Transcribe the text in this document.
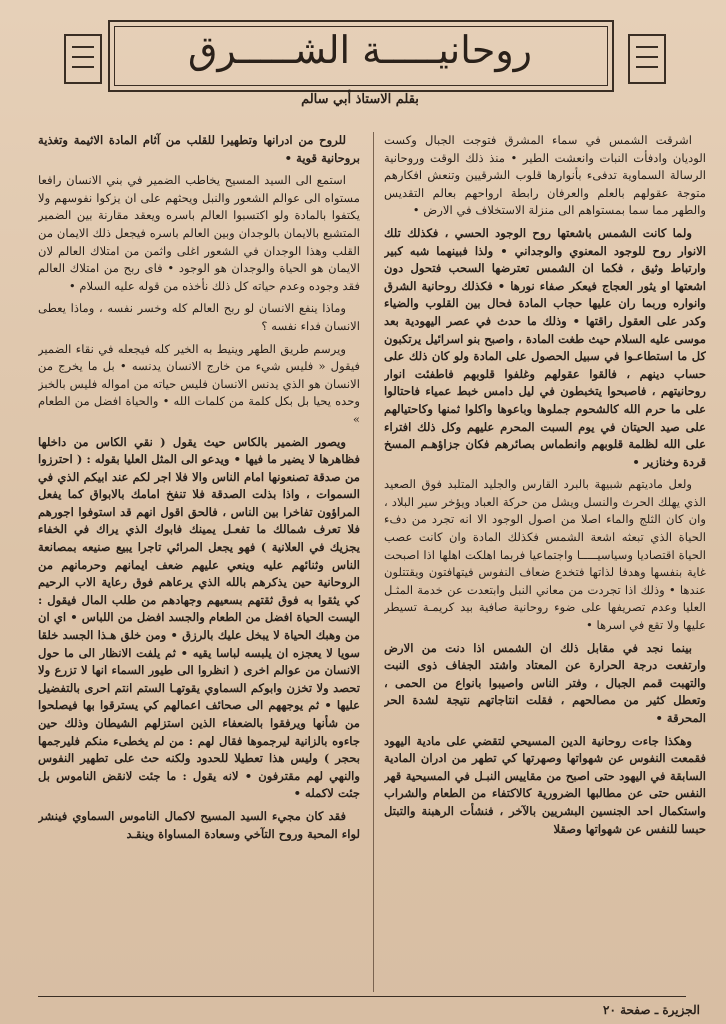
روحانيـــــة الشـــــرق
بقلم الاستاذ أبي سالم

اشرقت الشمس في سماء المشرق فتوجت الجبال وكست الوديان وادفأت النبات وانعشت الطير • منذ ذلك الوقت وروحانية الرسالة السماوية تدفىء بأنوارها قلوب الشرقيين وتنعش افكارهم متوجة عقولهم بالعلم والعرفان رابطة ارواحهم بعالم التقديس والطهر مما سما بمستواهم الى منزلة الاستخلاف في الارض •

ولما كانت الشمس باشعتها روح الوجود الحسي ، فكذلك تلك الانوار روح للوجود المعنوي والوجداني • ولذا فبينهما شبه كبير وارتباط وثيق ، فكما ان الشمس تعترضها السحب فتحول دون اشعتها او يثور العجاج فيعكر صفاء نورها • فكذلك روحانية الشرق وانواره وربما ران عليها حجاب المادة فحال بين القلوب والضياء وكدر على العقول راقتها • وذلك ما حدث في عصر اليهودية بعد موسى عليه السلام حيث طغت المادة ، واصبح بنو اسرائيل يرتكبون كل ما استطاعـوا في سبيل الحصول على المادة ولو كان ذلك على حساب دينهم ، فالقوا عقولهم وغلفوا قلوبهم فاطفئت انوار روحانيتهم ، فاصبحوا يتخبطون في ليل دامس خبط عمياء فاحتالوا على ما حرم الله كالشحوم جملوها وباعوها واكلوا ثمنها وكاحتيالهم على صيد الحيتان في يوم السبت المحرم عليهم وكل ذلك افتراء على الله لظلمة قلوبهم وانطماس بصائرهم فكان جزاؤهـم المسخ قردة وخنازير •

ولعل ماديتهم شبيهة بالبرد القارس والجليد المتلبد فوق الصعيد الذي يهلك الحرث والنسل ويشل من حركة العباد ويؤخر سير البلاد ، وان كان الثلج والماء اصلا من اصول الوجود الا انه تجرد من دفء الحياة الذي تبعثه اشعة الشمس فكذلك المادة وان كانت عصب الحياة اقتصاديا وسياسيـــــا واجتماعيا فربما اهلكت اهلها اذا اصبحت غاية بنفسها وهدفا لذاتها فتخدع ضعاف النفوس فيتهافتون ويقتتلون عندها • وذلك اذا تجردت من معاني النبل وابتعدت عن خدمة المثـل العليا وعدم تصريفها على ضوء روحانية صافية بيد كريمـة تسيطر عليها ولا تقع في اسرها •

بينما نجد في مقابل ذلك ان الشمس اذا دنت من الارض وارتفعت درجة الحرارة عن المعتاد واشتد الجفاف ذوى النبت والتهبت قمم الجبال ، وفتر الناس واصيبوا بانواع من الحمى ، وتعطل كثير من مصالحهم ، فقلت انتاجاتهم نتيجة لشدة الحر المحرقة •

وهكذا جاءت روحانية الدين المسيحي لتقضي على مادية اليهود فقمعت النفوس عن شهواتها وصهرتها كي تطهر من ادران المادية السابقة في اليهود حتى اصبح من مقاييس النبـل في المسيحية قهر النفس حتى عن مطالبها الضرورية كالاكتفاء من الطعام والشراب واستكمال احد الجنسين البشريين بالآخر ، فنشأت الرهبنة والتبتل حبسا للنفس عن شهواتها وصقلا

للروح من ادرانها وتطهيرا للقلب من آثام المادة الاثيمة وتغذية بروحانية قوية •

استمع الى السيد المسيح يخاطب الضمير في بني الانسان رافعا مستواه الى عوالم الشعور والنبل ويحثهم على ان يزكوا نفوسهم ولا يكتفوا بالمادة ولو اكتسبوا العالم باسره ويعقد مقارنة بين الضمير المتشبع بالايمان بالوجدان وبين العالم باسره فيجعل ذلك الايمان من القلب وهذا الوجدان في الشعور اغلى واثمن من امتلاك العالم لان الايمان هو الحياة والوجدان هو الوجود • فاى ربح من امتلاك العالم فقد وجوده وعدم حياته كل ذلك نأخذه من قوله عليه السلام •

وماذا ينفع الانسان لو ربح العالم كله وخسر نفسه ، وماذا يعطى الانسان فداء نفسه ؟

ويرسم طريق الطهر وينيط به الخير كله فيجعله في نقاء الضمير فيقول « فليس شيء من خارج الانسان يدنسه • بل ما يخرج من الانسان هو الذي يدنس الانسان فليس حياته من امواله فليس بالخبز وحده يحيا بل بكل كلمة من كلمات الله • والحياة افضل من الطعام »

ويصور الضمير بالكاس حيث يقول ( نقي الكاس من داخلها فظاهرها لا يضير ما فيها • ويدعو الى المثل العليا بقوله : ( احترزوا من صدقة تصنعونها امام الناس والا فلا اجر لكم عند ابيكم الذي في السموات ، واذا بذلت الصدقة فلا تنفخ امامك بالابواق كما يفعل المراؤون تفاخرا بين الناس ، فالحق اقول انهم قد استوفوا اجورهم فلا تعرف شمالك ما تفعـل يمينك فابوك الذي يراك في الخفاء يجزيك في العلانية ) فهو يجعل المرائي تاجرا يبيع صنيعه بمصانعة الناس وثنائهم عليه وينعي عليهم ضعف ايمانهم وحرمانهم من الروحانية حين يذكرهم بالله الذي يرعاهم فوق رعاية الاب الرحيم كي يثقوا به فوق ثقتهم بسعيهم وجهادهم من طلب المال فيقول : اليست الحياة افضل من الطعام والجسد افضل من اللباس • اي ان من وهبك الحياة لا يبخل عليك بالرزق • ومن خلق هـذا الجسد خلقا سويا لا يعجزه ان يلبسه لباسا يقيه • ثم يلفت الانظار الى ما حول الانسان من عوالم اخرى ( انظروا الى طيور السماء انها لا تزرع ولا تحصد ولا تخزن وابوكم السماوي يقوتهـا الستم انتم احرى بالتفضيل عليها • ثم يوجههم الى صحائف اعمالهم كي يسترقوا بها فيصلحوا من شأنها ويرفقوا بالضعفاء الذين استزلهم الشيطان وذلك حين جاءوه بالزانية ليرجموها فقال لهم : من لم يخطىء منكم فليرجمها بحجر ) وليس هذا تعطيلا للحدود ولكنه حث على تطهير النفوس والنهي لهم مقترفون • لانه يقول : ما جئت لانقض الناموس بل جئت لاكمله •

فقد كان مجيء السيد المسيح لاكمال الناموس السماوي فينشر لواء المحبة وروح التآخي وسعادة المساواة وينقـد

الجزيرة ـ صفحة ٢٠
